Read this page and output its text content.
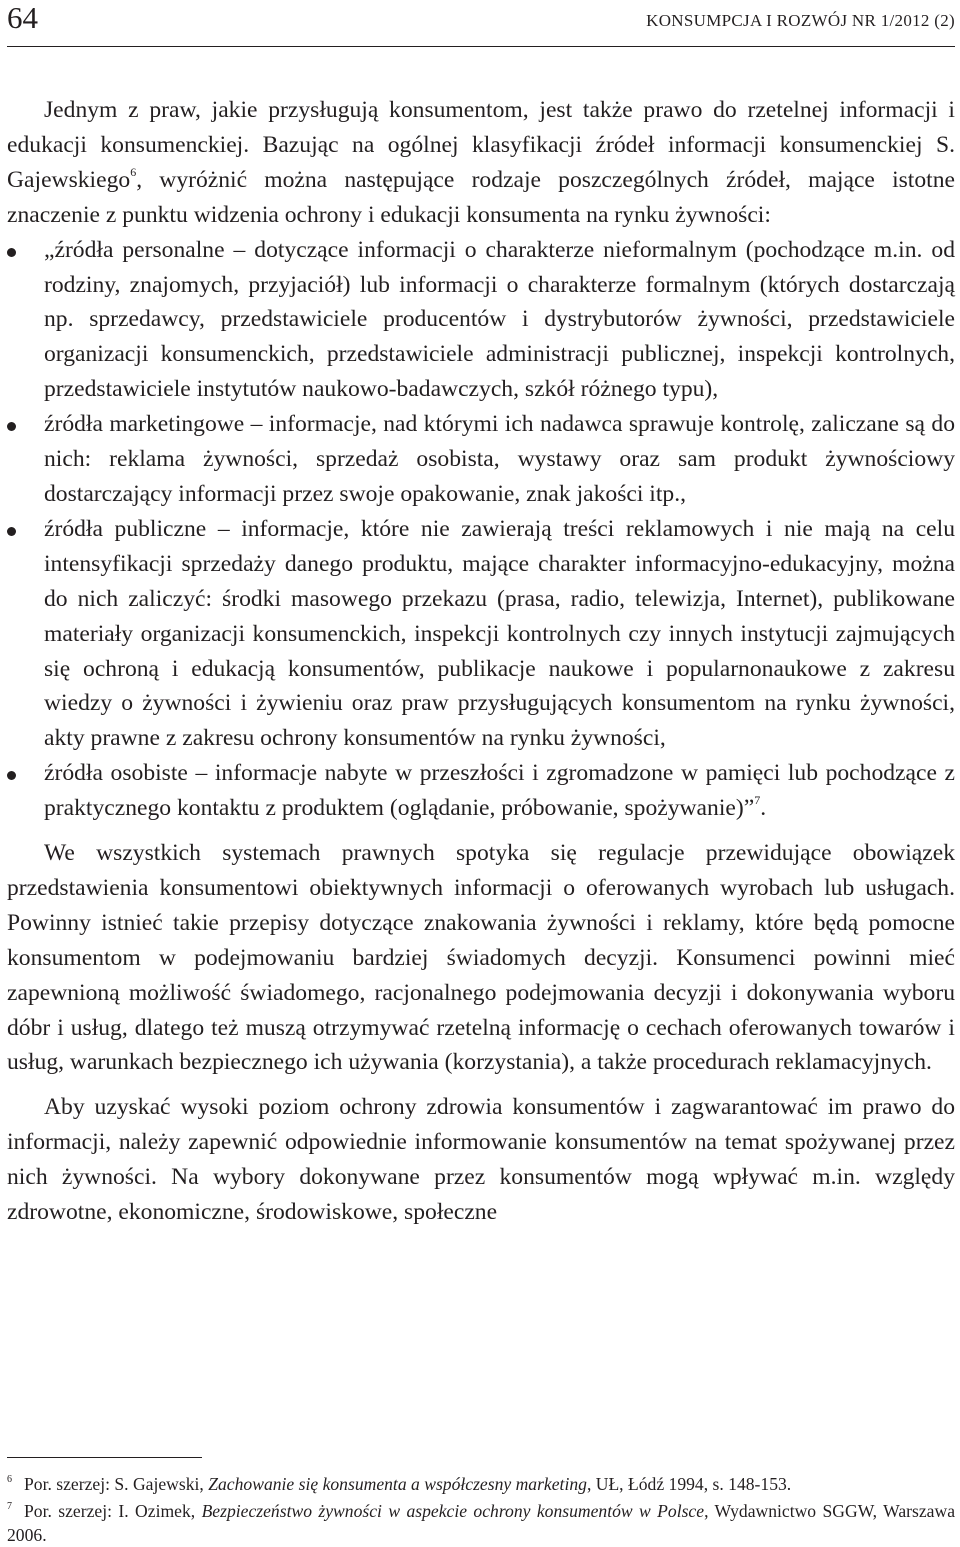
64	KONSUMPCJA I ROZWÓJ NR 1/2012 (2)

Jednym z praw, jakie przysługują konsumentom, jest także prawo do rzetelnej informacji i edukacji konsumenckiej. Bazując na ogólnej klasyfikacji źródeł informacji konsumenckiej S. Gajewskiego$^6$, wyróżnić można następujące rodzaje poszczególnych źródeł, mające istotne znaczenie z punktu widzenia ochrony i edukacji konsumenta na rynku żywności:

„źródła personalne – dotyczące informacji o charakterze nieformalnym (pochodzące m.in. od rodziny, znajomych, przyjaciół) lub informacji o charakterze formalnym (których dostarczają np. sprzedawcy, przedstawiciele producentów i dystrybutorów żywności, przedstawiciele organizacji konsumenckich, przedstawiciele administracji publicznej, inspekcji kontrolnych, przedstawiciele instytutów naukowo-badawczych, szkół różnego typu),
źródła marketingowe – informacje, nad którymi ich nadawca sprawuje kontrolę, zaliczane są do nich: reklama żywności, sprzedaż osobista, wystawy oraz sam produkt żywnościowy dostarczający informacji przez swoje opakowanie, znak jakości itp.,
źródła publiczne – informacje, które nie zawierają treści reklamowych i nie mają na celu intensyfikacji sprzedaży danego produktu, mające charakter informacyjno-edukacyjny, można do nich zaliczyć: środki masowego przekazu (prasa, radio, telewizja, Internet), publikowane materiały organizacji konsumenckich, inspekcji kontrolnych czy innych instytucji zajmujących się ochroną i edukacją konsumentów, publikacje naukowe i popularnonaukowe z zakresu wiedzy o żywności i żywieniu oraz praw przysługujących konsumentom na rynku żywności, akty prawne z zakresu ochrony konsumentów na rynku żywności,
źródła osobiste – informacje nabyte w przeszłości i zgromadzone w pamięci lub pochodzące z praktycznego kontaktu z produktem (oglądanie, próbowanie, spożywanie)”$^7$.

We wszystkich systemach prawnych spotyka się regulacje przewidujące obowiązek przedstawienia konsumentowi obiektywnych informacji o oferowanych wyrobach lub usługach. Powinny istnieć takie przepisy dotyczące znakowania żywności i reklamy, które będą pomocne konsumentom w podejmowaniu bardziej świadomych decyzji. Konsumenci powinni mieć zapewnioną możliwość świadomego, racjonalnego podejmowania decyzji i dokonywania wyboru dóbr i usług, dlatego też muszą otrzymywać rzetelną informację o cechach oferowanych towarów i usług, warunkach bezpiecznego ich używania (korzystania), a także procedurach reklamacyjnych.

Aby uzyskać wysoki poziom ochrony zdrowia konsumentów i zagwarantować im prawo do informacji, należy zapewnić odpowiednie informowanie konsumentów na temat spożywanej przez nich żywności. Na wybory dokonywane przez konsumentów mogą wpływać m.in. względy zdrowotne, ekonomiczne, środowiskowe, społeczne

$^6$ Por. szerzej: S. Gajewski, Zachowanie się konsumenta a współczesny marketing, UŁ, Łódź 1994, s. 148-153.

$^7$ Por. szerzej: I. Ozimek, Bezpieczeństwo żywności w aspekcie ochrony konsumentów w Polsce, Wydawnictwo SGGW, Warszawa 2006.
